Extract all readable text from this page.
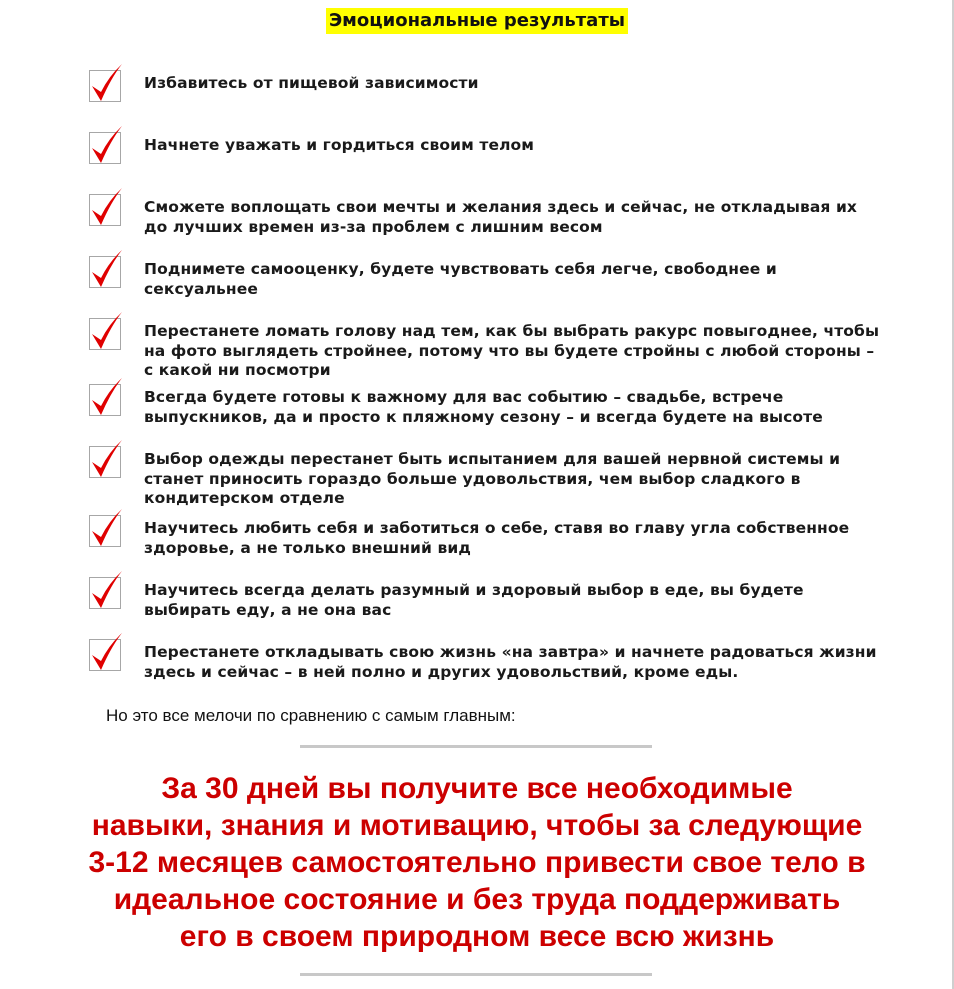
Эмоциональные результаты
Избавитесь от пищевой зависимости
Начнете уважать и гордиться своим телом
Сможете воплощать свои мечты и желания здесь и сейчас, не откладывая их до лучших времен из-за проблем с лишним весом
Поднимете самооценку, будете чувствовать себя легче, свободнее и сексуальнее
Перестанете ломать голову над тем, как бы выбрать ракурс повыгоднее, чтобы на фото выглядеть стройнее, потому что вы будете стройны с любой стороны – с какой ни посмотри
Всегда будете готовы к важному для вас событию – свадьбе, встрече выпускников, да и просто к пляжному сезону – и всегда будете на высоте
Выбор одежды перестанет быть испытанием для вашей нервной системы и станет приносить гораздо больше удовольствия, чем выбор сладкого в кондитерском отделе
Научитесь любить себя и заботиться о себе, ставя во главу угла собственное здоровье, а не только внешний вид
Научитесь всегда делать разумный и здоровый выбор в еде, вы будете выбирать еду, а не она вас
Перестанете откладывать свою жизнь «на завтра» и начнете радоваться жизни здесь и сейчас – в ней полно и других удовольствий, кроме еды.
Но это все мелочи по сравнению с самым главным:

За 30 дней вы получите все необходимые
навыки, знания и мотивацию, чтобы за следующие
3-12 месяцев самостоятельно привести свое тело в
идеальное состояние и без труда поддерживать
его в своем природном весе всю жизнь
